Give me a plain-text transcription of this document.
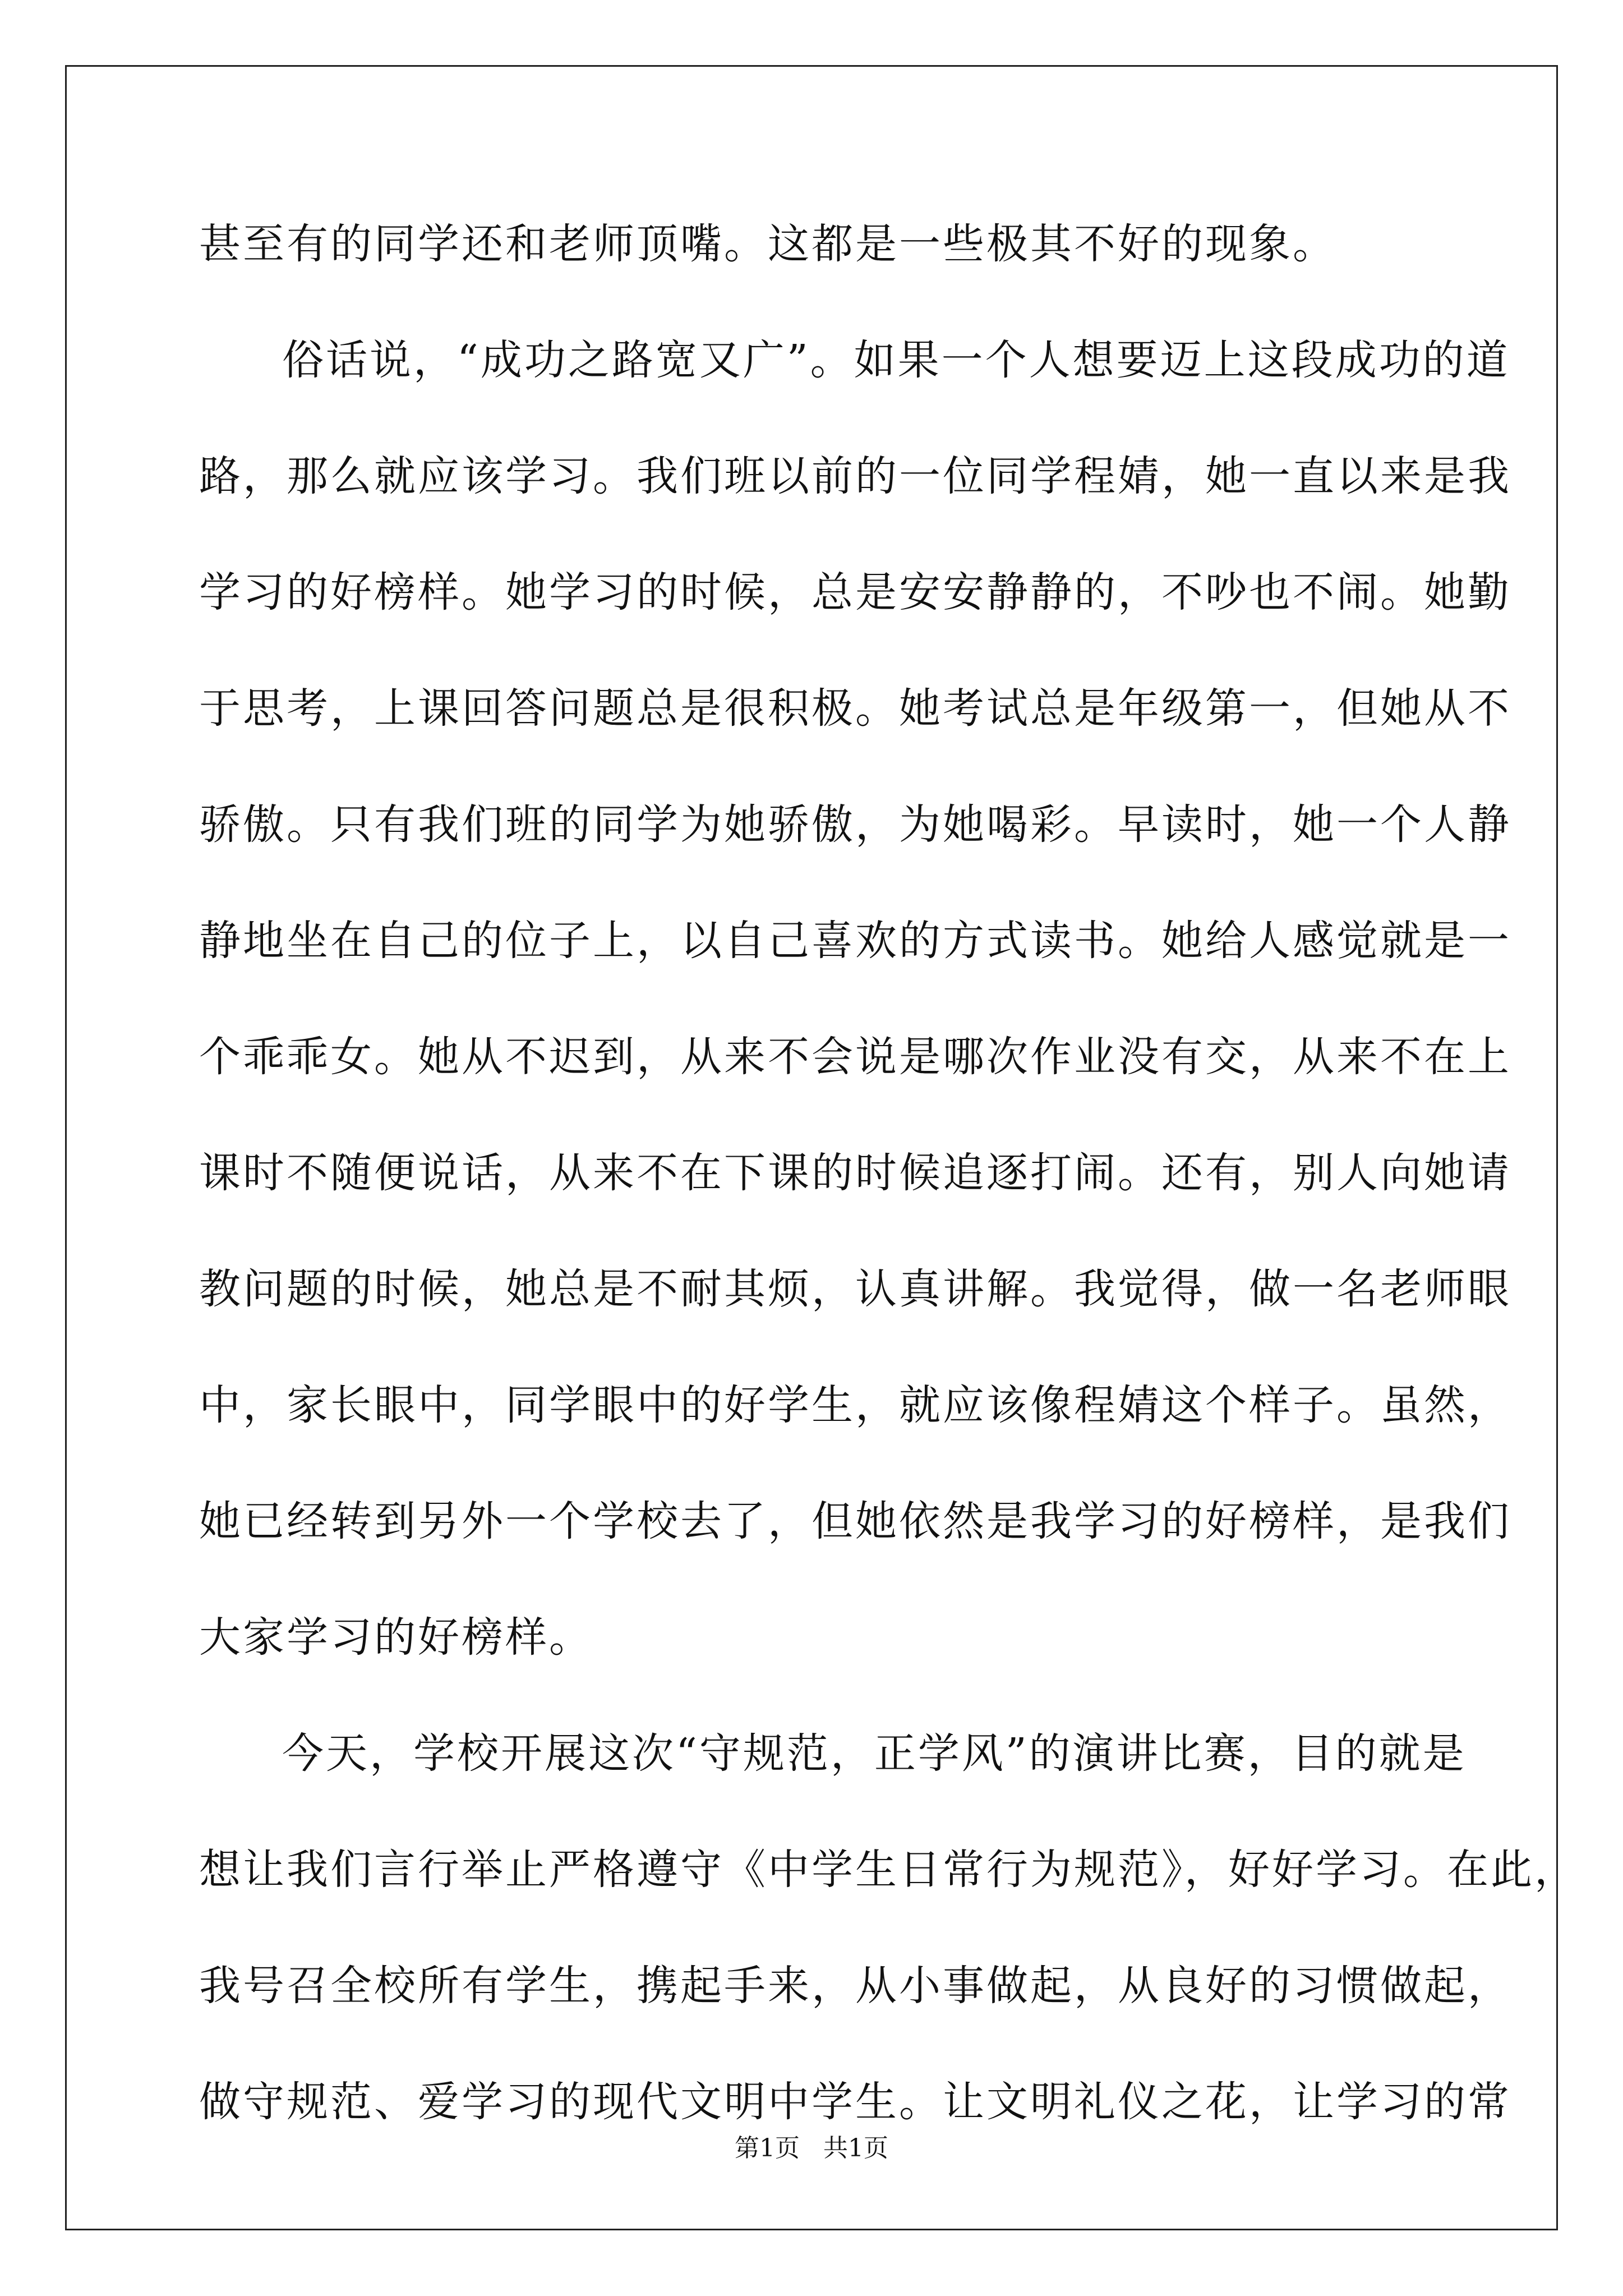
甚至有的同学还和老师顶嘴。这都是一些极其不好的现象。
俗话说，“成功之路宽又广”。如果一个人想要迈上这段成功的道
路，那么就应该学习。我们班以前的一位同学程婧，她一直以来是我
学习的好榜样。她学习的时候，总是安安静静的，不吵也不闹。她勤
于思考，上课回答问题总是很积极。她考试总是年级第一，但她从不
骄傲。只有我们班的同学为她骄傲，为她喝彩。早读时，她一个人静
静地坐在自己的位子上，以自己喜欢的方式读书。她给人感觉就是一
个乖乖女。她从不迟到，从来不会说是哪次作业没有交，从来不在上
课时不随便说话，从来不在下课的时候追逐打闹。还有，别人向她请
教问题的时候，她总是不耐其烦，认真讲解。我觉得，做一名老师眼
中，家长眼中，同学眼中的好学生，就应该像程婧这个样子。虽然，
她已经转到另外一个学校去了，但她依然是我学习的好榜样，是我们
大家学习的好榜样。
今天，学校开展这次“守规范，正学风”的演讲比赛，目的就是
想让我们言行举止严格遵守《中学生日常行为规范》，好好学习。在此，
我号召全校所有学生，携起手来，从小事做起，从良好的习惯做起，
做守规范、爱学习的现代文明中学生。让文明礼仪之花，让学习的常
第1页 共1页
